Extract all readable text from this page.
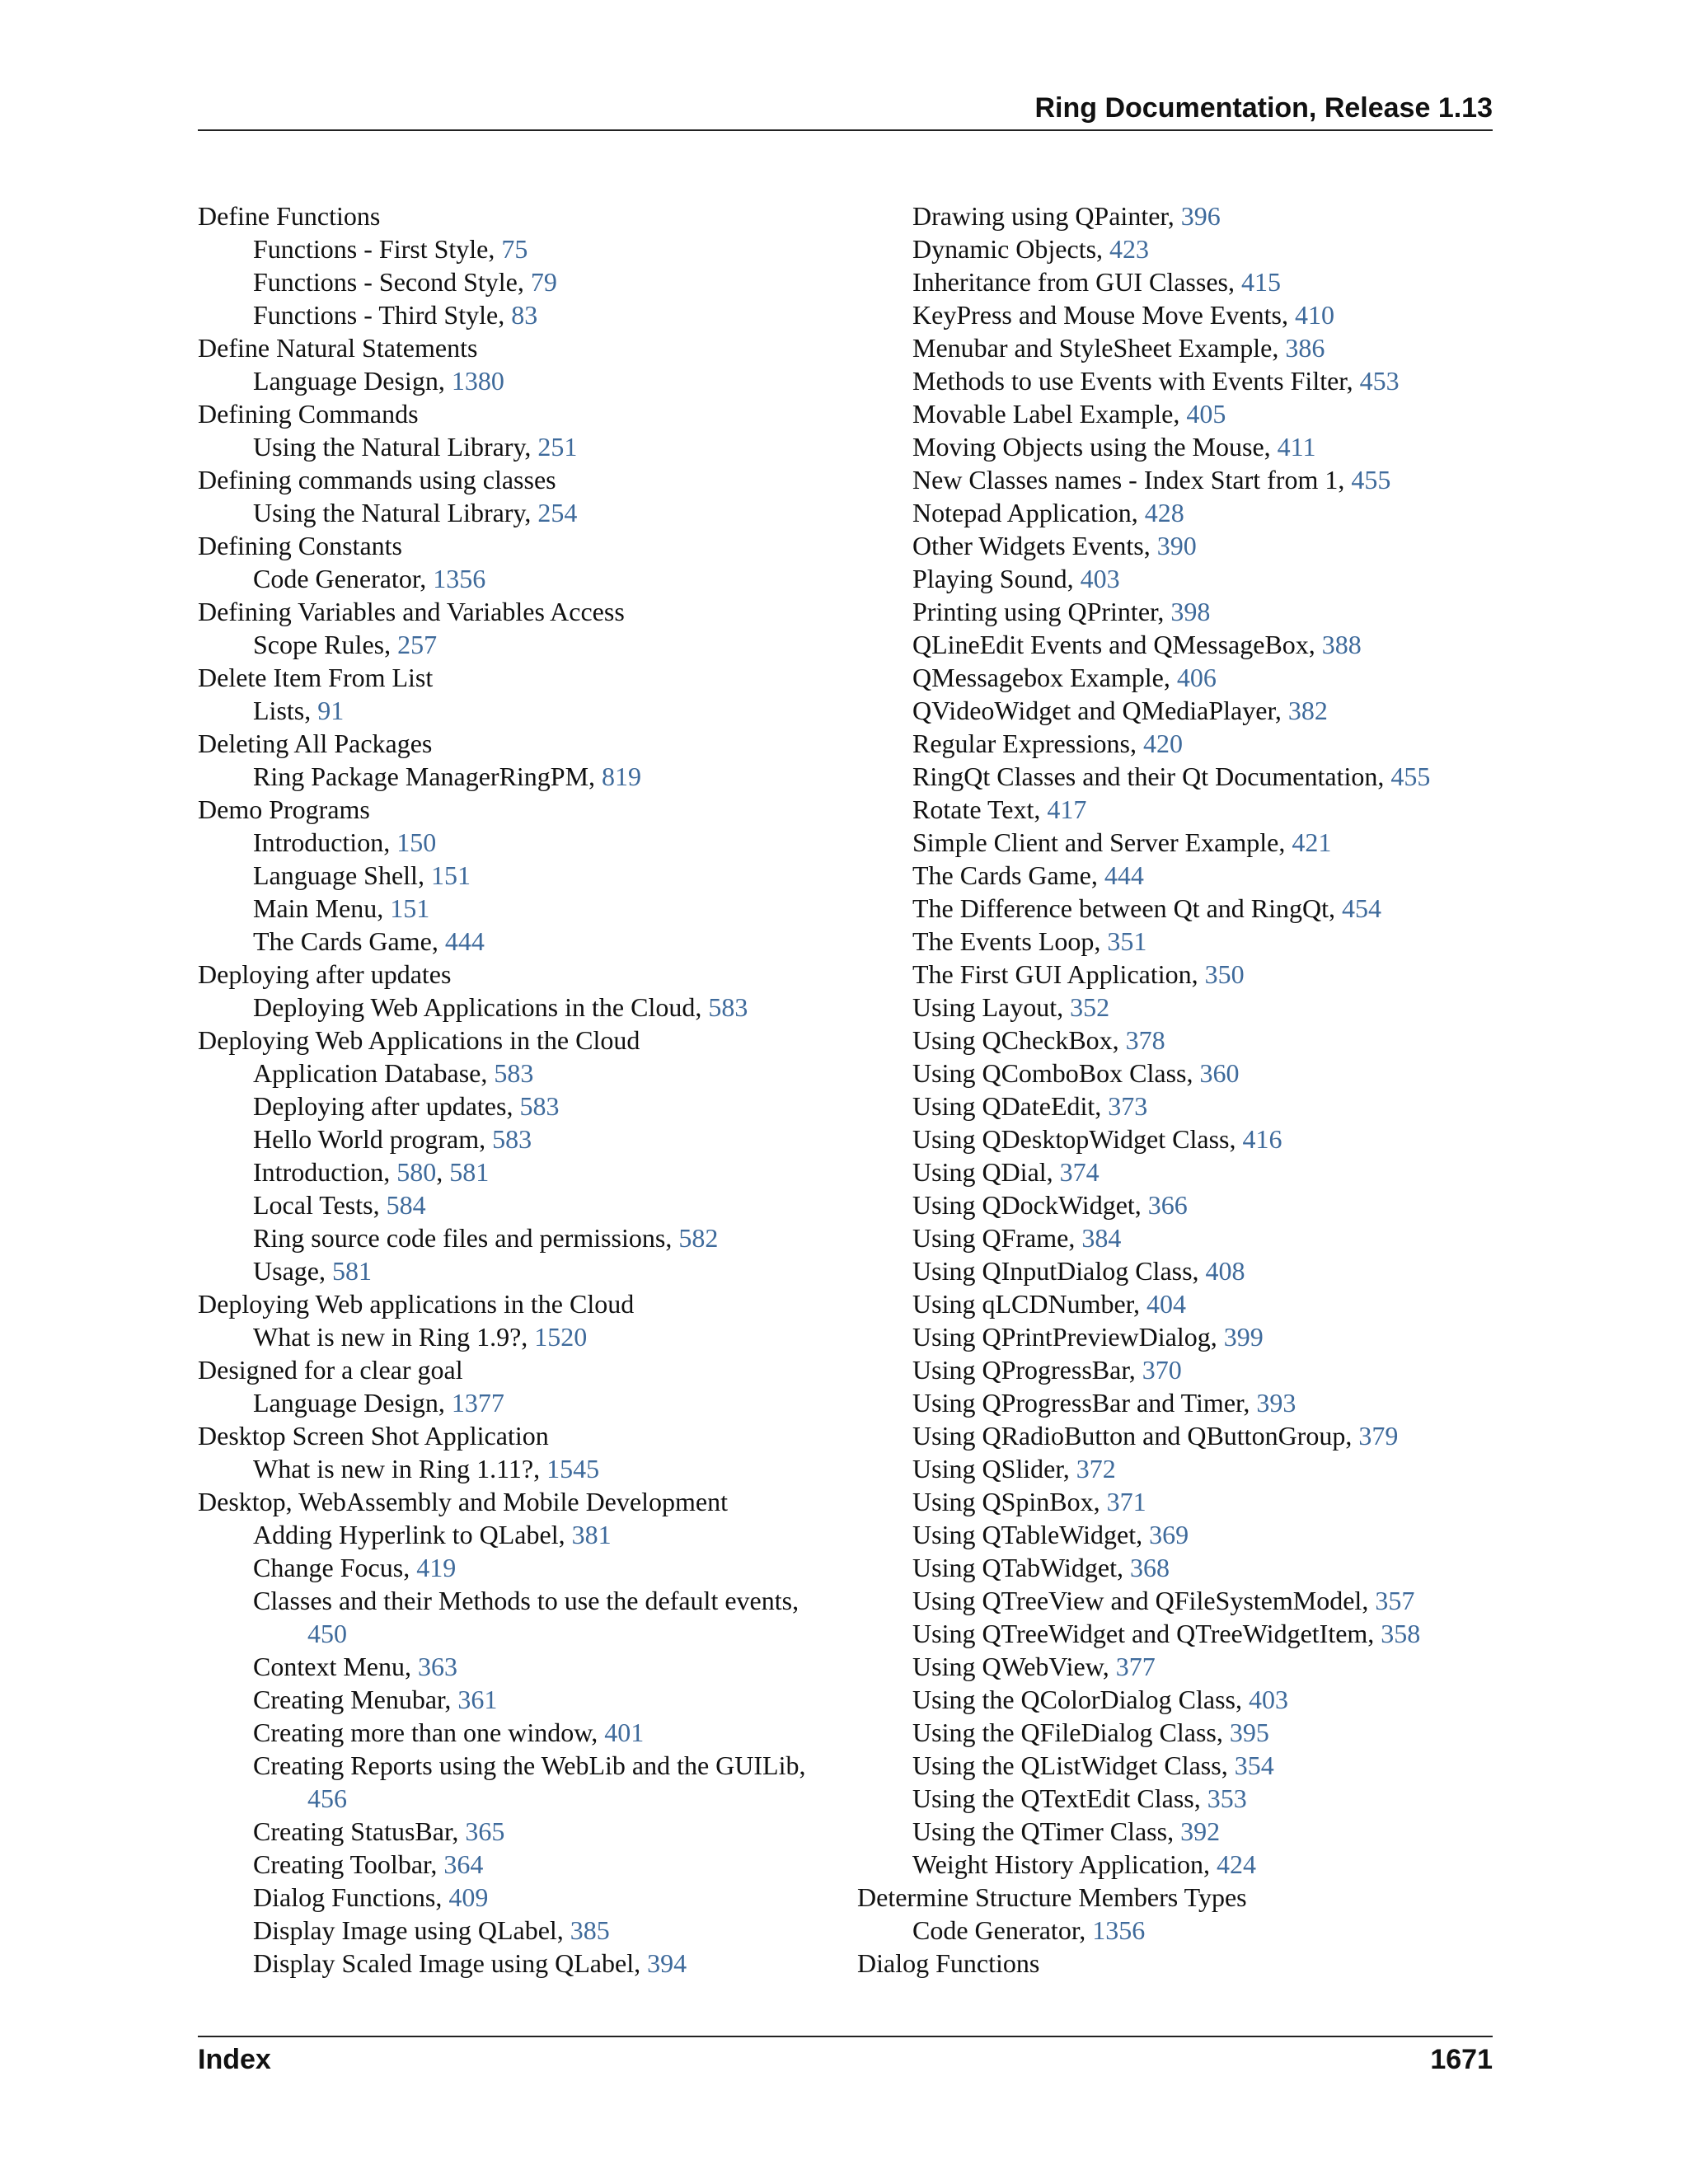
Ring Documentation, Release 1.13
Define Functions
Functions - First Style, 75
Functions - Second Style, 79
Functions - Third Style, 83
Define Natural Statements
Language Design, 1380
Defining Commands
Using the Natural Library, 251
Defining commands using classes
Using the Natural Library, 254
Defining Constants
Code Generator, 1356
Defining Variables and Variables Access
Scope Rules, 257
Delete Item From List
Lists, 91
Deleting All Packages
Ring Package ManagerRingPM, 819
Demo Programs
Introduction, 150
Language Shell, 151
Main Menu, 151
The Cards Game, 444
Deploying after updates
Deploying Web Applications in the Cloud, 583
Deploying Web Applications in the Cloud
Application Database, 583
Deploying after updates, 583
Hello World program, 583
Introduction, 580, 581
Local Tests, 584
Ring source code files and permissions, 582
Usage, 581
Deploying Web applications in the Cloud
What is new in Ring 1.9?, 1520
Designed for a clear goal
Language Design, 1377
Desktop Screen Shot Application
What is new in Ring 1.11?, 1545
Desktop, WebAssembly and Mobile Development
Adding Hyperlink to QLabel, 381
Change Focus, 419
Classes and their Methods to use the default events, 450
Context Menu, 363
Creating Menubar, 361
Creating more than one window, 401
Creating Reports using the WebLib and the GUILib, 456
Creating StatusBar, 365
Creating Toolbar, 364
Dialog Functions, 409
Display Image using QLabel, 385
Display Scaled Image using QLabel, 394
Drawing using QPainter, 396
Dynamic Objects, 423
Inheritance from GUI Classes, 415
KeyPress and Mouse Move Events, 410
Menubar and StyleSheet Example, 386
Methods to use Events with Events Filter, 453
Movable Label Example, 405
Moving Objects using the Mouse, 411
New Classes names - Index Start from 1, 455
Notepad Application, 428
Other Widgets Events, 390
Playing Sound, 403
Printing using QPrinter, 398
QLineEdit Events and QMessageBox, 388
QMessagebox Example, 406
QVideoWidget and QMediaPlayer, 382
Regular Expressions, 420
RingQt Classes and their Qt Documentation, 455
Rotate Text, 417
Simple Client and Server Example, 421
The Cards Game, 444
The Difference between Qt and RingQt, 454
The Events Loop, 351
The First GUI Application, 350
Using Layout, 352
Using QCheckBox, 378
Using QComboBox Class, 360
Using QDateEdit, 373
Using QDesktopWidget Class, 416
Using QDial, 374
Using QDockWidget, 366
Using QFrame, 384
Using QInputDialog Class, 408
Using qLCDNumber, 404
Using QPrintPreviewDialog, 399
Using QProgressBar, 370
Using QProgressBar and Timer, 393
Using QRadioButton and QButtonGroup, 379
Using QSlider, 372
Using QSpinBox, 371
Using QTableWidget, 369
Using QTabWidget, 368
Using QTreeView and QFileSystemModel, 357
Using QTreeWidget and QTreeWidgetItem, 358
Using QWebView, 377
Using the QColorDialog Class, 403
Using the QFileDialog Class, 395
Using the QListWidget Class, 354
Using the QTextEdit Class, 353
Using the QTimer Class, 392
Weight History Application, 424
Determine Structure Members Types
Code Generator, 1356
Dialog Functions
Index	1671
